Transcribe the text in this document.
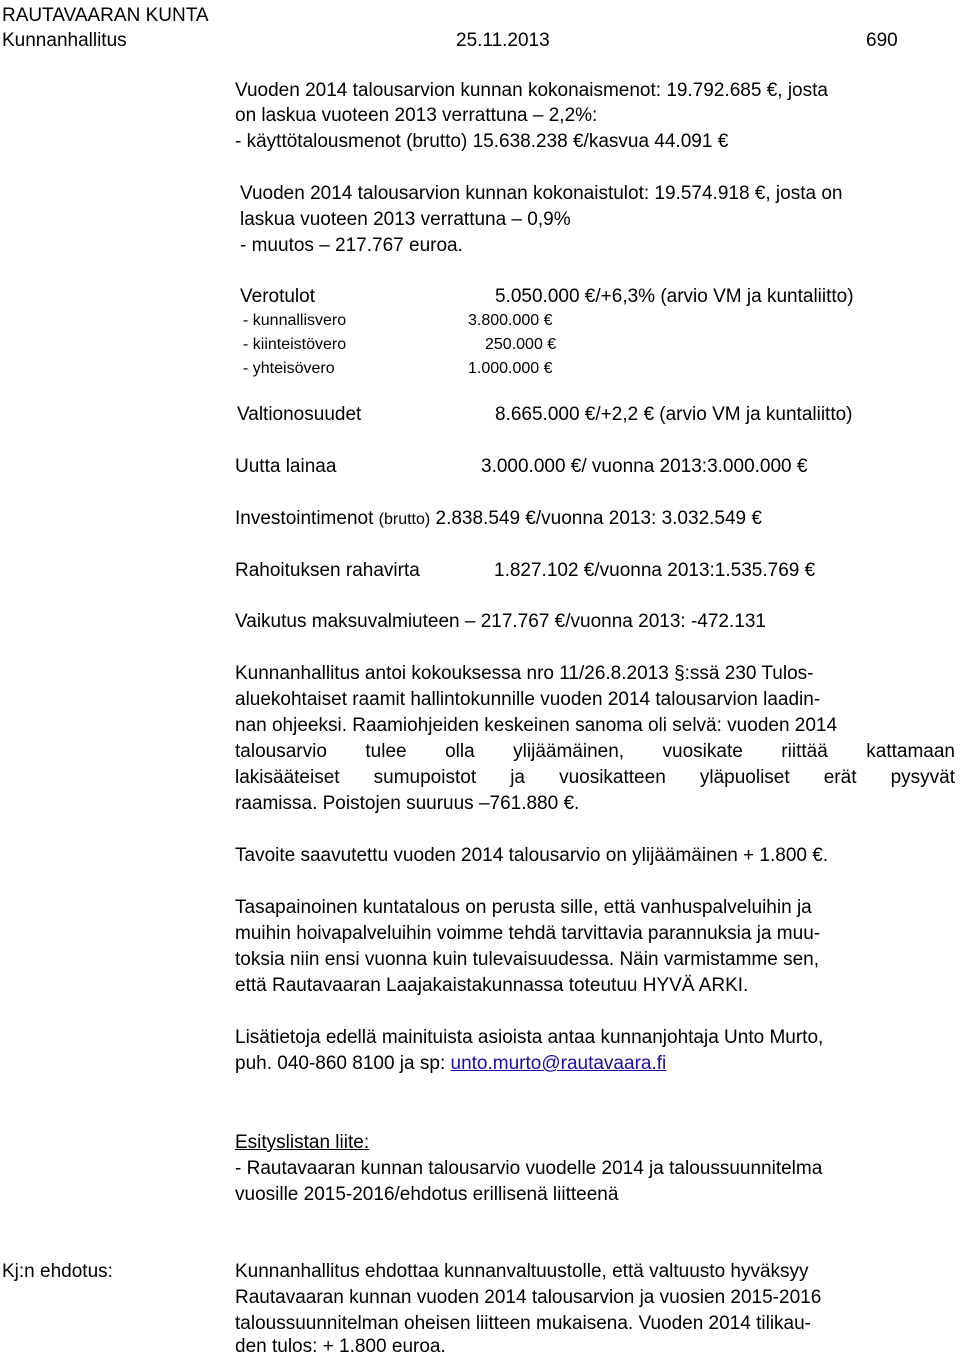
RAUTAVAARAN KUNTA
Kunnanhallitus	25.11.2013	690
Vuoden 2014 talousarvion kunnan kokonaismenot: 19.792.685 €, josta
on laskua vuoteen 2013 verrattuna – 2,2%:
- käyttötalousmenot (brutto) 15.638.238 €/kasvua 44.091 €
Vuoden 2014 talousarvion kunnan kokonaistulot: 19.574.918 €, josta on
laskua vuoteen 2013 verrattuna – 0,9%
- muutos – 217.767 euroa.
Verotulot	5.050.000 €/+6,3% (arvio VM ja kuntaliitto)
- kunnallisvero	3.800.000 €
- kiinteistövero	250.000 €
- yhteisövero	1.000.000 €
Valtionosuudet	8.665.000 €/+2,2 € (arvio VM ja kuntaliitto)
Uutta lainaa	3.000.000 €/ vuonna 2013:3.000.000 €
Investointimenot (brutto) 2.838.549 €/vuonna 2013: 3.032.549 €
Rahoituksen rahavirta	1.827.102 €/vuonna 2013:1.535.769 €
Vaikutus maksuvalmiuteen – 217.767 €/vuonna 2013: -472.131
Kunnanhallitus antoi kokouksessa nro 11/26.8.2013 §:ssä 230 Tulos-
aluekohtaiset raamit hallintokunnille vuoden 2014 talousarvion laadin-
nan ohjeeksi. Raamiohjeiden keskeinen sanoma oli selvä: vuoden 2014
talousarvio tulee olla ylijäämäinen, vuosikate riittää kattamaan
lakisääteiset sumupoistot ja vuosikatteen yläpuoliset erät pysyvät
raamissa. Poistojen suuruus –761.880 €.
Tavoite saavutettu vuoden 2014 talousarvio on ylijäämäinen + 1.800 €.
Tasapainoinen kuntatalous on perusta sille, että vanhuspalveluihin ja
muihin hoivapalveluihin voimme tehdä tarvittavia parannuksia ja muu-
toksia niin ensi vuonna kuin tulevaisuudessa. Näin varmistamme sen,
että Rautavaaran Laajakaistakunnassa toteutuu HYVÄ ARKI.
Lisätietoja edellä mainituista asioista antaa kunnanjohtaja Unto Murto,
puh. 040-860 8100 ja sp: unto.murto@rautavaara.fi
Esityslistan liite:
- Rautavaaran kunnan talousarvio vuodelle 2014 ja taloussuunnitelma
vuosille 2015-2016/ehdotus erillisenä liitteenä
Kj:n ehdotus:	Kunnanhallitus ehdottaa kunnanvaltuustolle, että valtuusto hyväksyy
Rautavaaran kunnan vuoden 2014 talousarvion ja vuosien 2015-2016
taloussuunnitelman oheisen liitteen mukaisena. Vuoden 2014 tilikau-
den tulos: + 1.800 euroa.
